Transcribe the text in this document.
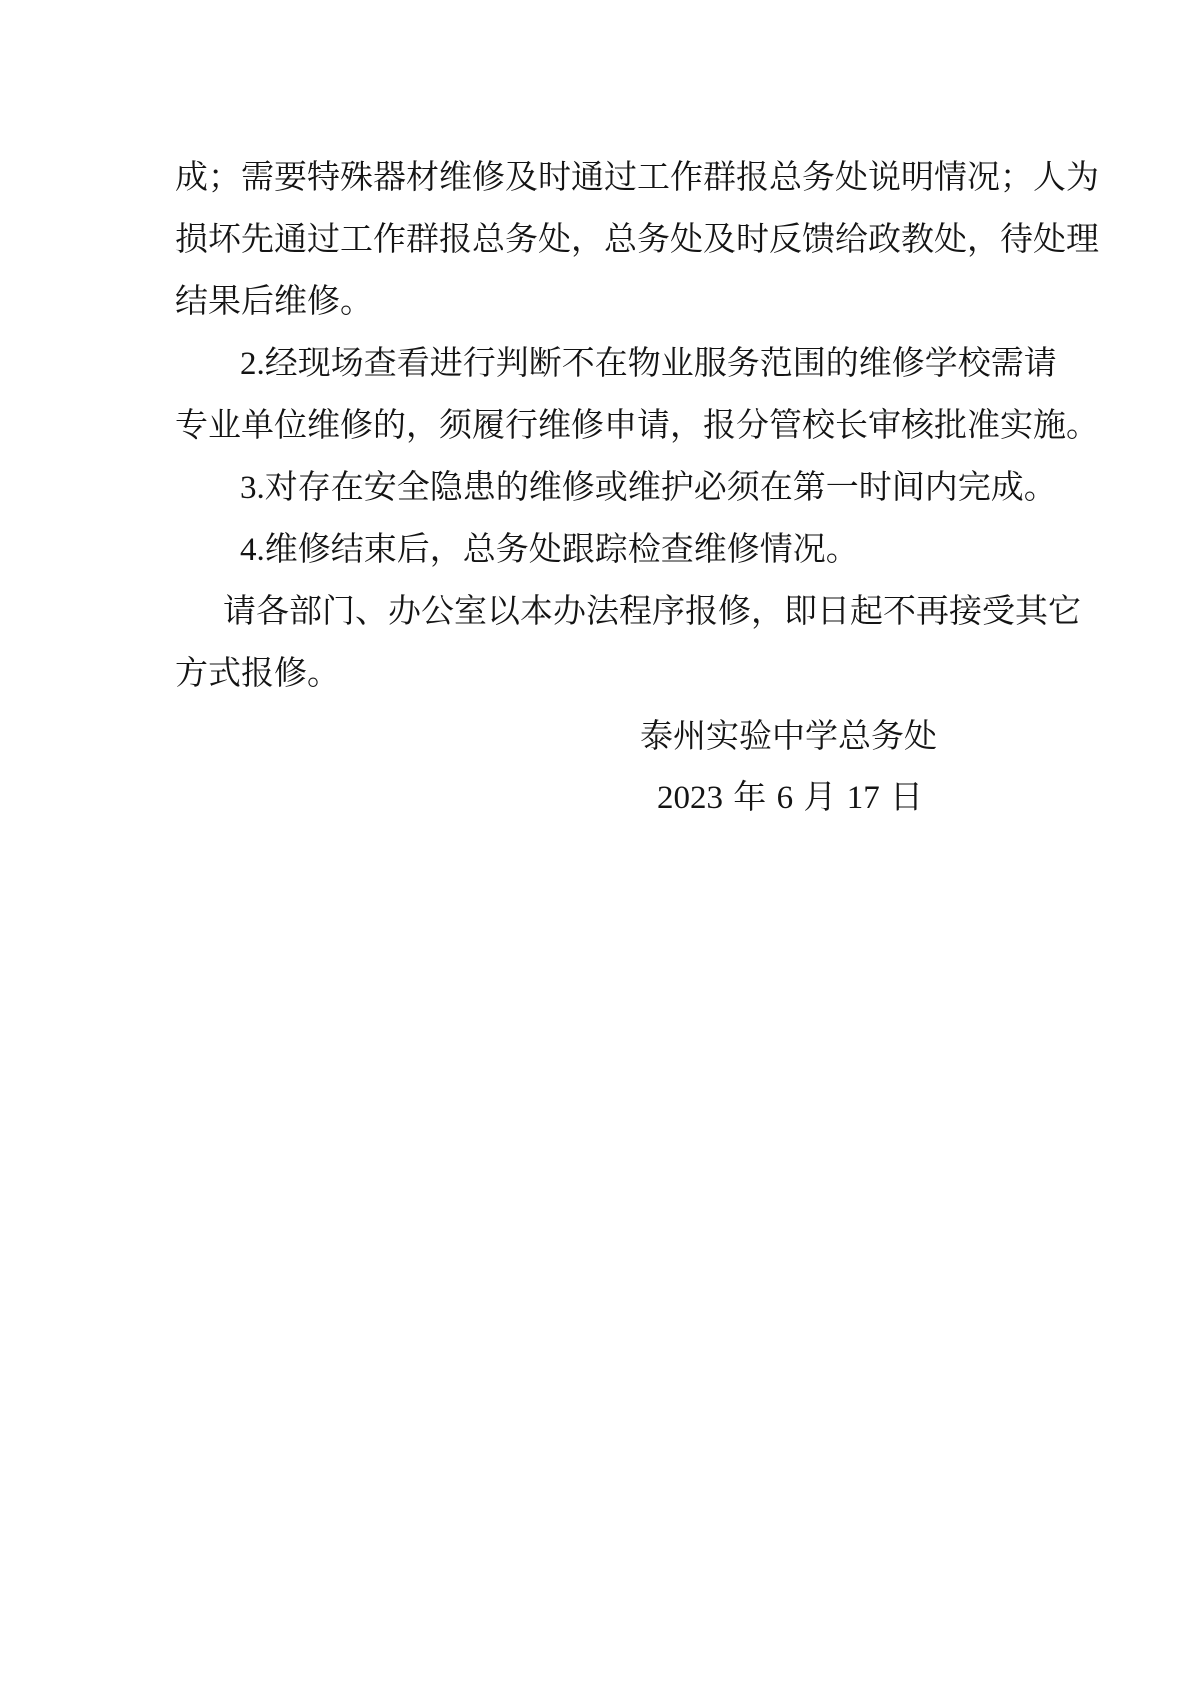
成 ； 需 要 特 殊 器 材 维 修 及 时 通 过 工 作 群 报 总 务 处 说 明 情 况 ； 人 为
损 坏 先 通 过 工 作 群 报 总 务 处 ， 总 务 处 及 时 反 馈 给 政 教 处 ， 待 处 理
结果后维修。
2 . 经 现 场 查 看 进 行 判 断 不 在 物 业 服 务 范 围 的 维 修 学 校 需 请
专 业 单 位 维 修 的 ， 须 履 行 维 修 申 请 ， 报 分 管 校 长 审 核 批 准 实 施 。
3 . 对 存 在 安 全 隐 患 的 维 修 或 维 护 必 须 在 第 一 时 间 内 完 成 。
4.维修结束后，总务处跟踪检查维修情况。
请 各 部 门 、 办 公 室 以 本 办 法 程 序 报 修 ， 即 日 起 不 再 接 受 其 它
方式报修。
泰 州 实 验 中 学 总 务 处
2023 年 6 月 17 日
